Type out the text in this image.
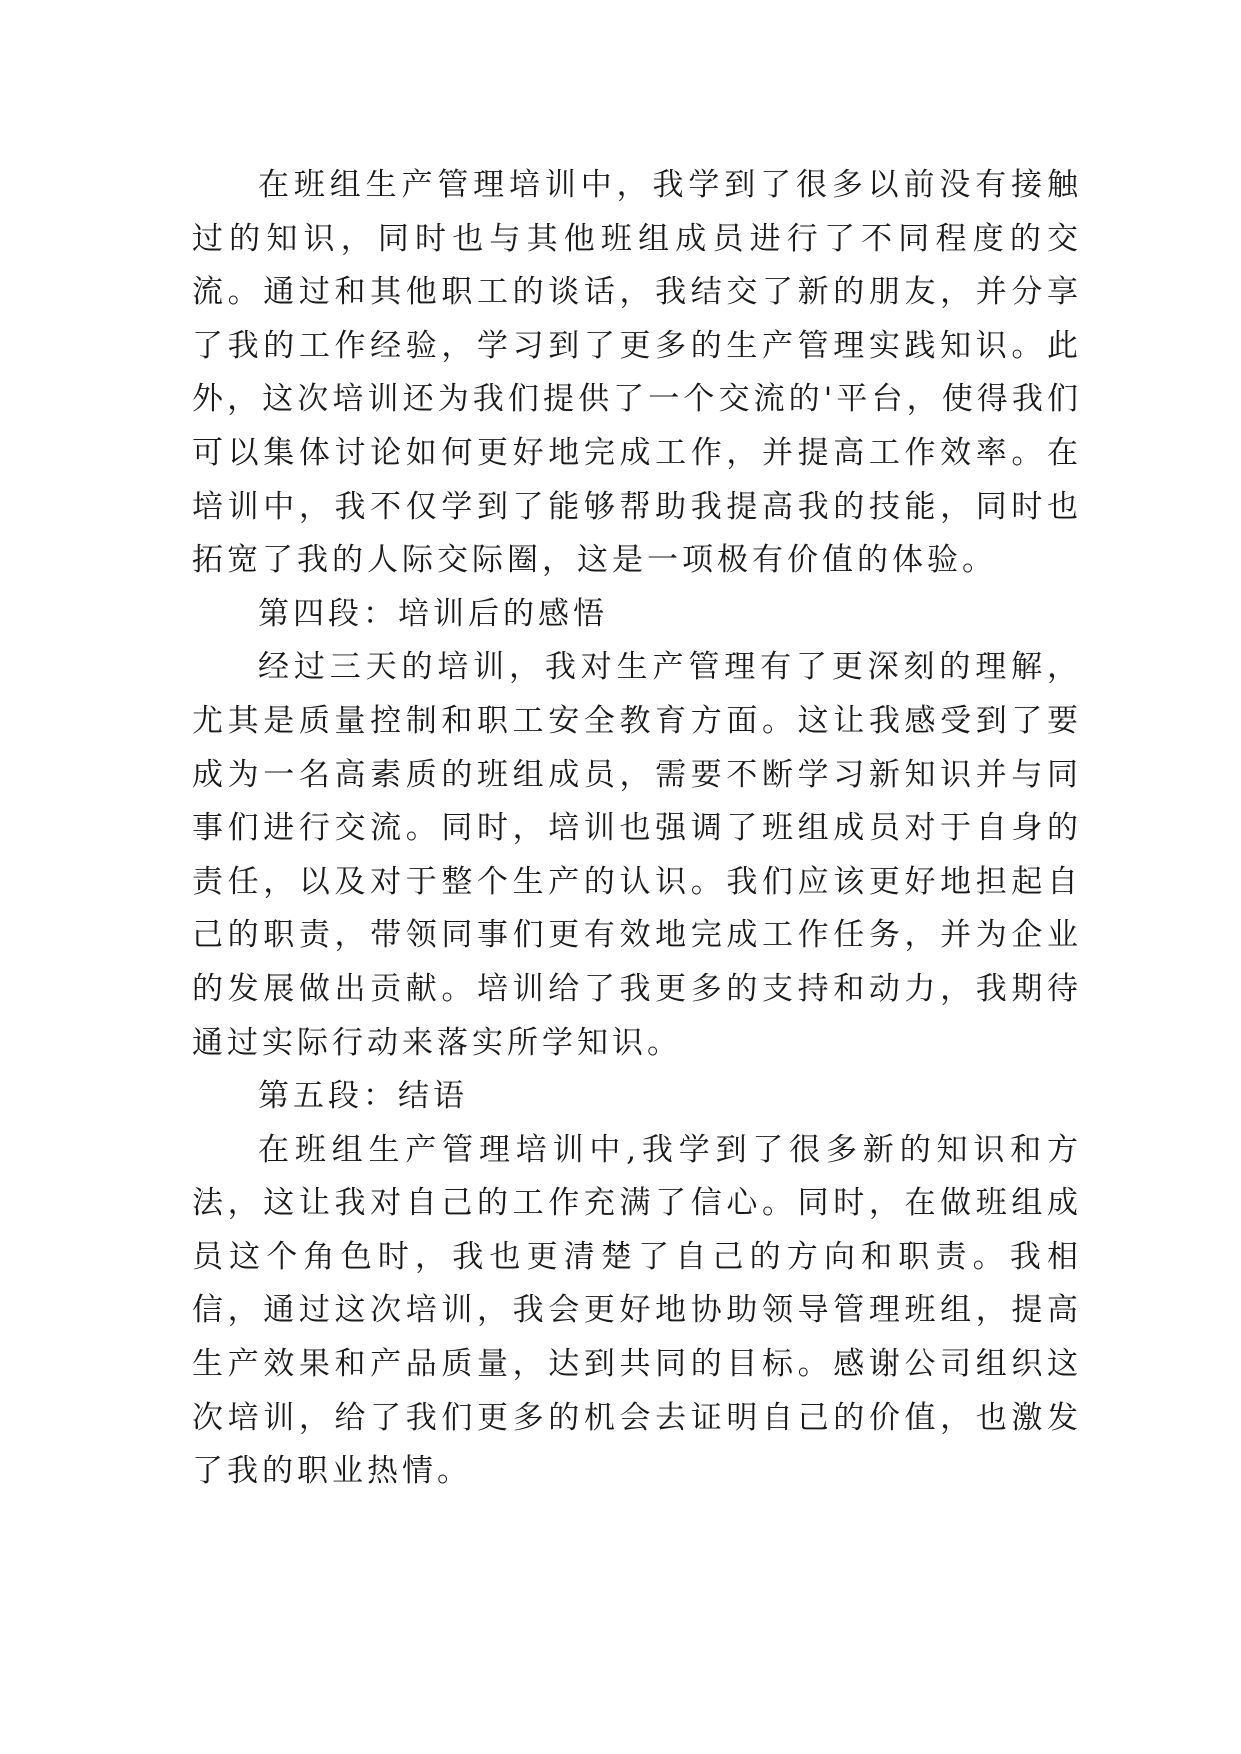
在班组生产管理培训中，我学到了很多以前没有接触过的知识，同时也与其他班组成员进行了不同程度的交流。通过和其他职工的谈话，我结交了新的朋友，并分享了我的工作经验，学习到了更多的生产管理实践知识。此外，这次培训还为我们提供了一个交流的'平台，使得我们可以集体讨论如何更好地完成工作，并提高工作效率。在培训中，我不仅学到了能够帮助我提高我的技能，同时也拓宽了我的人际交际圈，这是一项极有价值的体验。

第四段：培训后的感悟

经过三天的培训，我对生产管理有了更深刻的理解，尤其是质量控制和职工安全教育方面。这让我感受到了要成为一名高素质的班组成员，需要不断学习新知识并与同事们进行交流。同时，培训也强调了班组成员对于自身的责任，以及对于整个生产的认识。我们应该更好地担起自己的职责，带领同事们更有效地完成工作任务，并为企业的发展做出贡献。培训给了我更多的支持和动力，我期待通过实际行动来落实所学知识。

第五段：结语

在班组生产管理培训中,我学到了很多新的知识和方法，这让我对自己的工作充满了信心。同时，在做班组成员这个角色时，我也更清楚了自己的方向和职责。我相信，通过这次培训，我会更好地协助领导管理班组，提高生产效果和产品质量，达到共同的目标。感谢公司组织这次培训，给了我们更多的机会去证明自己的价值，也激发了我的职业热情。
